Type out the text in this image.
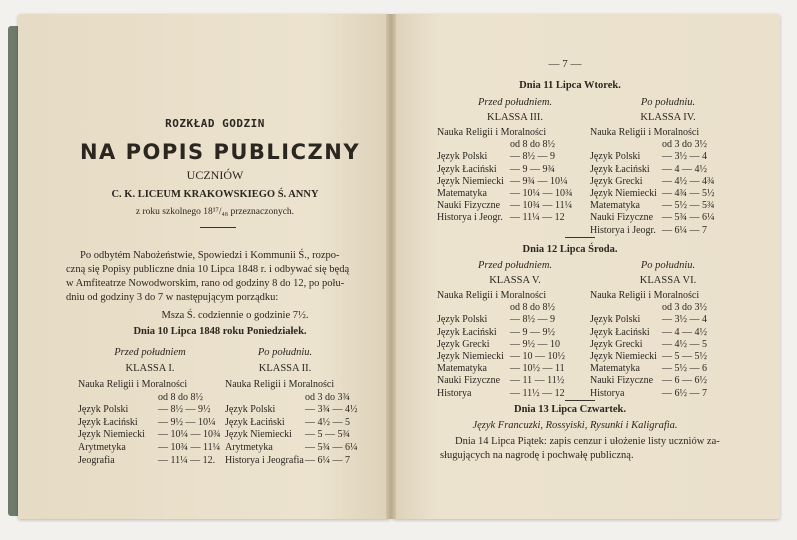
ROZKŁAD GODZIN
NA POPIS PUBLICZNY
UCZNIÓW
C. K. LICEUM KRAKOWSKIEGO Ś. ANNY
z roku szkolnego 18¹⁷/₄₈ przeznaczonych.
Po odbytém Nabożeństwie, Spowiedzi i Kommunii Ś., rozpo-
czną się Popisy publiczne dnia 10 Lipca 1848 r. i odbywać się będą
w Amfiteatrze Nowodworskim, rano od godziny 8 do 12, po połu-
dniu od godziny 3 do 7 w następującym porządku:
Msza Ś. codziennie o godzinie 7½.
Dnia 10 Lipca 1848 roku Poniedziałek.
Przed południem
KLASSA I.
Nauka Religii i Moralności
od 8 do 8½
Język Polski	— 8½ — 9½
Język Łaciński — 9½ — 10¼
Język Niemiecki — 10¼ — 10¾
Arytmetyka	— 10¾ — 11¼
Jeografia	— 11¼ — 12.
Po południu.
KLASSA II.
Nauka Religii i Moralności
od 3 do 3¾
Język Polski	— 3¾ — 4½
Język Łaciński — 4½ — 5
Język Niemiecki — 5 — 5¾
Arytmetyka	— 5¾ — 6¼
Historya i Jeografia — 6¼ — 7
— 7 —
Dnia 11 Lipca Wtorek.
Przed południem.
KLASSA III.
Nauka Religii i Moralności
od 8 do 8½
Język Polski — 8½ — 9
Język Łaciński — 9 — 9¾
Język Niemiecki — 9¾ — 10¼
Matematyka — 10¼ — 10¾
Nauki Fizyczne — 10¾ — 11¼
Historya i Jeogr. — 11¼ — 12
Po południu.
KLASSA IV.
Nauka Religii i Moralności
od 3 do 3½
Język Polski — 3½ — 4
Język Łaciński — 4 — 4½
Język Grecki — 4½ — 4¾
Język Niemiecki — 4¾ — 5½
Matematyka — 5½ — 5¾
Nauki Fizyczne — 5¾ — 6¼
Historya i Jeogr. — 6¼ — 7
Dnia 12 Lipca Środa.
Przed południem.
KLASSA V.
Nauka Religii i Moralności
od 8 do 8½
Język Polski — 8½ — 9
Język Łaciński — 9 — 9½
Język Grecki — 9½ — 10
Język Niemiecki — 10 — 10½
Matematyka — 10½ — 11
Nauki Fizyczne — 11 — 11½
Historya	— 11½ — 12
Po południu.
KLASSA VI.
Nauka Religii i Moralności
od 3 do 3½
Język Polski — 3½ — 4
Język Łaciński — 4 — 4½
Język Grecki — 4½ — 5
Język Niemiecki — 5 — 5½
Matematyka — 5½ — 6
Nauki Fizyczne — 6 — 6½
Historya	— 6½ — 7
Dnia 13 Lipca Czwartek.
Język Francuzki, Rossyiski, Rysunki i Kaligrafia.
Dnia 14 Lipca Piątek: zapis cenzur i ułożenie listy uczniów za-
sługujących na nagrodę i pochwałę publiczną.
